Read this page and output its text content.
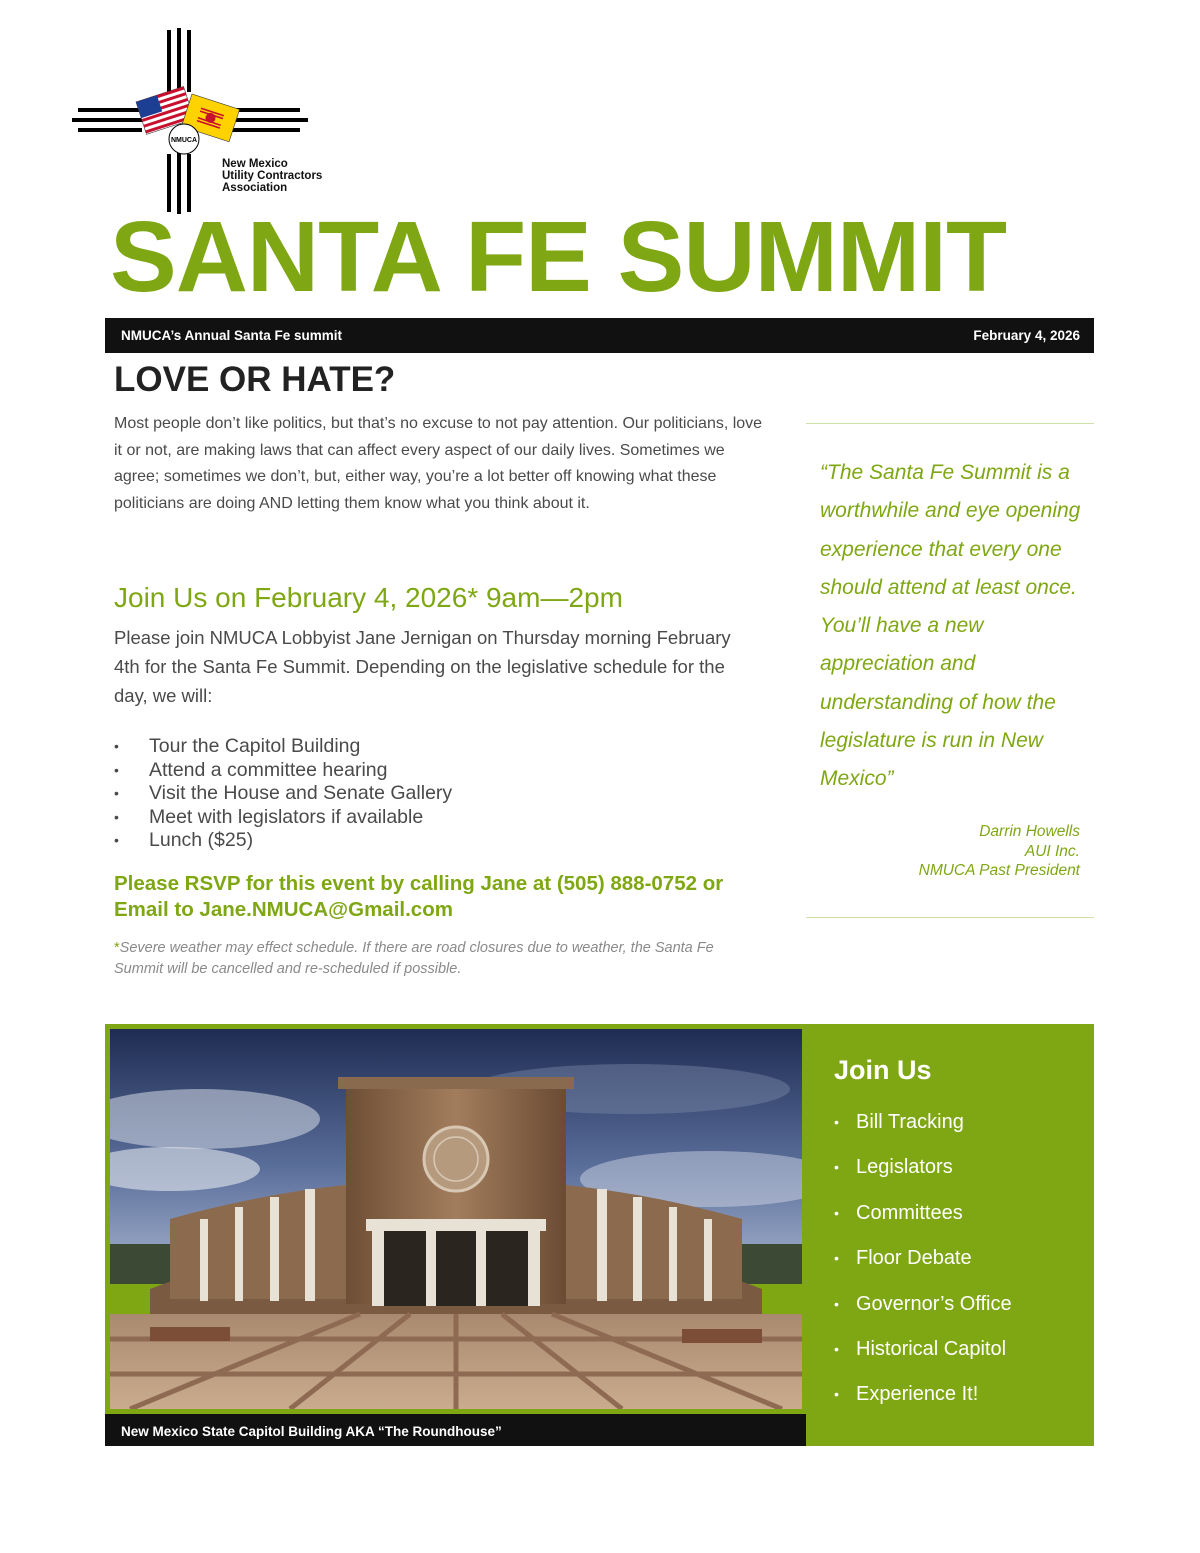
NMUCA
New Mexico
Utility Contractors
Association
SANTA FE SUMMIT
NMUCA’s Annual Santa Fe summit	February 4, 2026
LOVE OR HATE?
Most people don’t like politics, but that’s no excuse to not pay attention. Our politicians, love it or not, are making laws that can affect every aspect of our daily lives. Sometimes we agree; sometimes we don’t, but, either way, you’re a lot better off knowing what these politicians are doing AND letting them know what you think about it.
Join Us on February 4, 2026* 9am—2pm
Please join NMUCA Lobbyist Jane Jernigan on Thursday morning February 4th for the Santa Fe Summit. Depending on the legislative schedule for the day, we will:
• Tour the Capitol Building
• Attend a committee hearing
• Visit the House and Senate Gallery
• Meet with legislators if available
• Lunch ($25)
Please RSVP for this event by calling Jane at (505) 888-0752 or Email to Jane.NMUCA@Gmail.com
*Severe weather may effect schedule. If there are road closures due to weather, the Santa Fe Summit will be cancelled and re-scheduled if possible.
“The Santa Fe Summit is a worthwhile and eye opening experience that every one should attend at least once. You’ll have a new appreciation and understanding of how the legislature is run in New Mexico”
Darrin Howells
AUI Inc.
NMUCA Past President
New Mexico State Capitol Building AKA “The Roundhouse”
Join Us
• Bill Tracking
• Legislators
• Committees
• Floor Debate
• Governor’s Office
• Historical Capitol
• Experience It!
